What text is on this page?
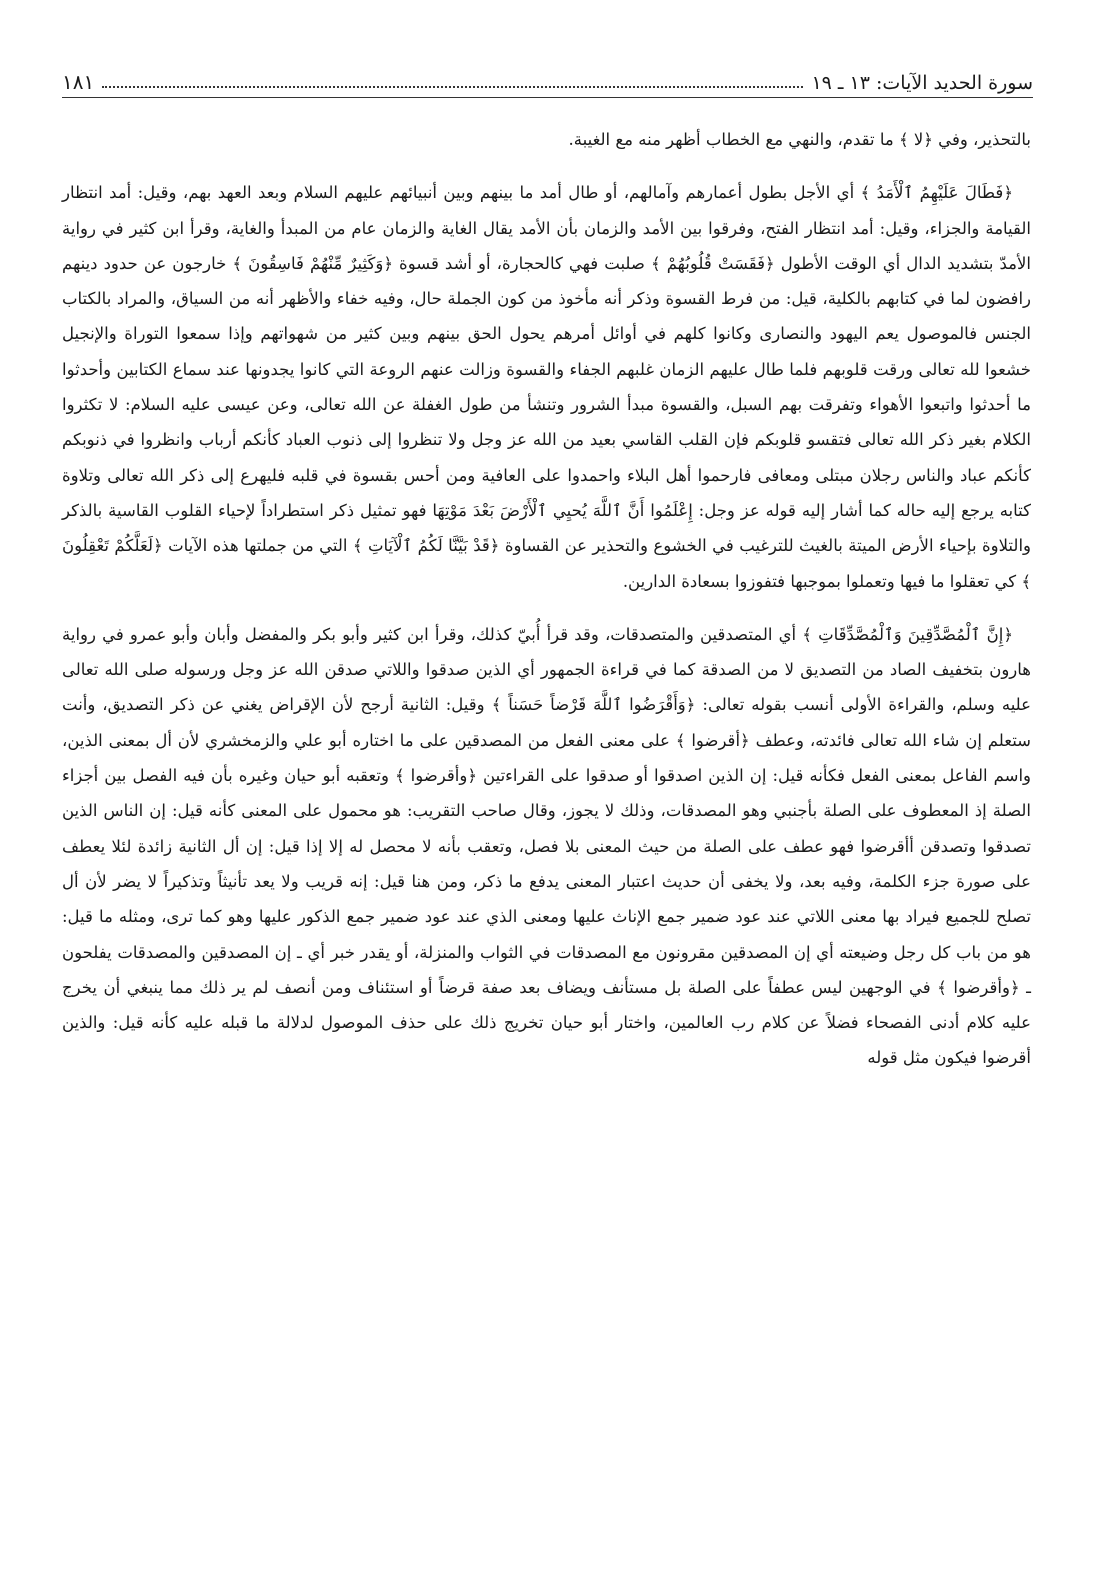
سورة الحديد الآيات: ١٣ ـ ١٩
١٨١

بالتحذير، وفي ﴿لا ﴾ ما تقدم، والنهي مع الخطاب أظهر منه مع الغيبة.

﴿فَطَالَ عَلَيْهِمُ ٱلْأَمَدُ ﴾ أي الأجل بطول أعمارهم وآمالهم، أو طال أمد ما بينهم وبين أنبيائهم عليهم السلام وبعد العهد بهم، وقيل: أمد انتظار القيامة والجزاء، وقيل: أمد انتظار الفتح، وفرقوا بين الأمد والزمان بأن الأمد يقال الغاية والزمان عام من المبدأ والغاية، وقرأ ابن كثير في رواية الأمدّ بتشديد الدال أي الوقت الأطول ﴿فَقَسَتْ قُلُوبُهُمْ ﴾ صلبت فهي كالحجارة، أو أشد قسوة ﴿وَكَثِيرٌ مِّنْهُمْ فَاسِقُونَ ﴾ خارجون عن حدود دينهم رافضون لما في كتابهم بالكلية، قيل: من فرط القسوة وذكر أنه مأخوذ من كون الجملة حال، وفيه خفاء والأظهر أنه من السياق، والمراد بالكتاب الجنس فالموصول يعم اليهود والنصارى وكانوا كلهم في أوائل أمرهم يحول الحق بينهم وبين كثير من شهواتهم وإذا سمعوا التوراة والإنجيل خشعوا لله تعالى ورقت قلوبهم فلما طال عليهم الزمان غلبهم الجفاء والقسوة وزالت عنهم الروعة التي كانوا يجدونها عند سماع الكتابين وأحدثوا ما أحدثوا واتبعوا الأهواء وتفرقت بهم السبل، والقسوة مبدأ الشرور وتنشأ من طول الغفلة عن الله تعالى، وعن عيسى عليه السلام: لا تكثروا الكلام بغير ذكر الله تعالى فتقسو قلوبكم فإن القلب القاسي بعيد من الله عز وجل ولا تنظروا إلى ذنوب العباد كأنكم أرباب وانظروا في ذنوبكم كأنكم عباد والناس رجلان مبتلى ومعافى فارحموا أهل البلاء واحمدوا على العافية ومن أحس بقسوة في قلبه فليهرع إلى ذكر الله تعالى وتلاوة كتابه يرجع إليه حاله كما أشار إليه قوله عز وجل: إِعْلَمُوا أَنَّ ٱللَّهَ يُحيِي ٱلْأَرْضَ بَعْدَ مَوْتِهَا فهو تمثيل ذكر استطراداً لإحياء القلوب القاسية بالذكر والتلاوة بإحياء الأرض الميتة بالغيث للترغيب في الخشوع والتحذير عن القساوة ﴿قَدْ بَيَّنَّا لَكُمُ ٱلْآيَاتِ ﴾ التي من جملتها هذه الآيات ﴿لَعَلَّكُمْ تَعْقِلُونَ ﴾ كي تعقلوا ما فيها وتعملوا بموجبها فتفوزوا بسعادة الدارين.

﴿إِنَّ ٱلْمُصَّدِّقِينَ وَٱلْمُصَّدِّقَاتِ ﴾ أي المتصدقين والمتصدقات، وقد قرأ أُبيّ كذلك، وقرأ ابن كثير وأبو بكر والمفضل وأبان وأبو عمرو في رواية هارون بتخفيف الصاد من التصديق لا من الصدقة كما في قراءة الجمهور أي الذين صدقوا واللاتي صدقن الله عز وجل ورسوله صلى الله تعالى عليه وسلم، والقراءة الأولى أنسب بقوله تعالى: ﴿وَأَقْرَضُوا ٱللَّهَ قَرْضاً حَسَناً ﴾ وقيل: الثانية أرجح لأن الإقراض يغني عن ذكر التصديق، وأنت ستعلم إن شاء الله تعالى فائدته، وعطف ﴿أقرضوا ﴾ على معنى الفعل من المصدقين على ما اختاره أبو علي والزمخشري لأن أل بمعنى الذين، واسم الفاعل بمعنى الفعل فكأنه قيل: إن الذين اصدقوا أو صدقوا على القراءتين ﴿وأقرضوا ﴾ وتعقبه أبو حيان وغيره بأن فيه الفصل بين أجزاء الصلة إذ المعطوف على الصلة بأجنبي وهو المصدقات، وذلك لا يجوز، وقال صاحب التقريب: هو محمول على المعنى كأنه قيل: إن الناس الذين تصدقوا وتصدقن أأقرضوا فهو عطف على الصلة من حيث المعنى بلا فصل، وتعقب بأنه لا محصل له إلا إذا قيل: إن أل الثانية زائدة لئلا يعطف على صورة جزء الكلمة، وفيه بعد، ولا يخفى أن حديث اعتبار المعنى يدفع ما ذكر، ومن هنا قيل: إنه قريب ولا يعد تأنيثاً وتذكيراً لا يضر لأن أل تصلح للجميع فيراد بها معنى اللاتي عند عود ضمير جمع الإناث عليها ومعنى الذي عند عود ضمير جمع الذكور عليها وهو كما ترى، ومثله ما قيل: هو من باب كل رجل وضيعته أي إن المصدقين مقرونون مع المصدقات في الثواب والمنزلة، أو يقدر خبر أي ـ إن المصدقين والمصدقات يفلحون ـ ﴿وأقرضوا ﴾ في الوجهين ليس عطفاً على الصلة بل مستأنف ويضاف بعد صفة قرضاً أو استئناف ومن أنصف لم ير ذلك مما ينبغي أن يخرج عليه كلام أدنى الفصحاء فضلاً عن كلام رب العالمين، واختار أبو حيان تخريج ذلك على حذف الموصول لدلالة ما قبله عليه كأنه قيل: والذين أقرضوا فيكون مثل قوله
